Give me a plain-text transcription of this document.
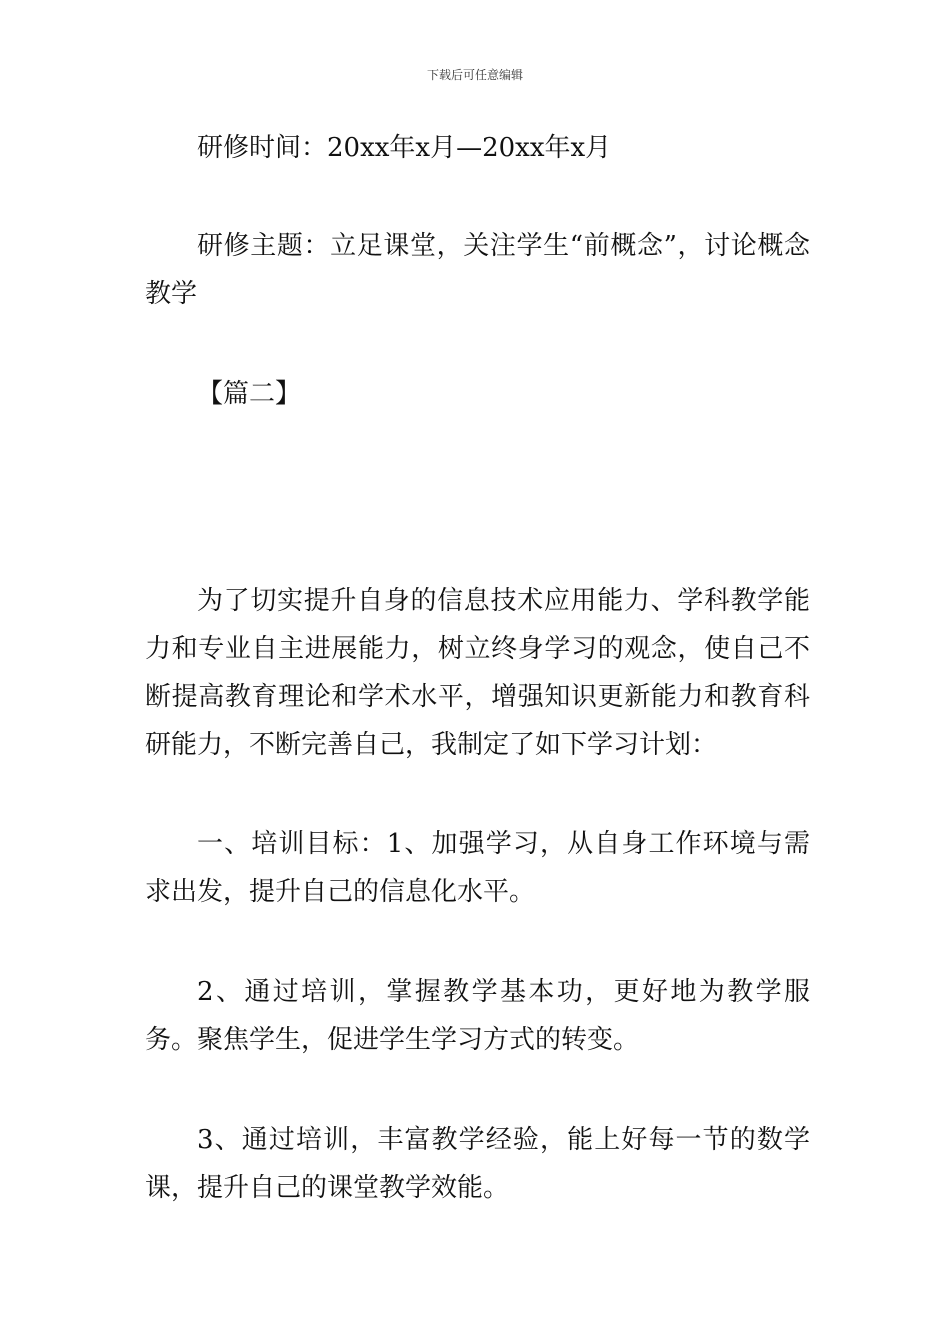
下载后可任意编辑

研修时间：20xx年x月—20xx年x月

研修主题：立足课堂，关注学生“前概念”，讨论概念教学

【篇二】

为了切实提升自身的信息技术应用能力、学科教学能力和专业自主进展能力，树立终身学习的观念，使自己不断提高教育理论和学术水平，增强知识更新能力和教育科研能力，不断完善自己，我制定了如下学习计划：

一、培训目标：1、加强学习，从自身工作环境与需求出发，提升自己的信息化水平。

2、通过培训，掌握教学基本功，更好地为教学服务。聚焦学生，促进学生学习方式的转变。

3、通过培训，丰富教学经验，能上好每一节的数学课，提升自己的课堂教学效能。
